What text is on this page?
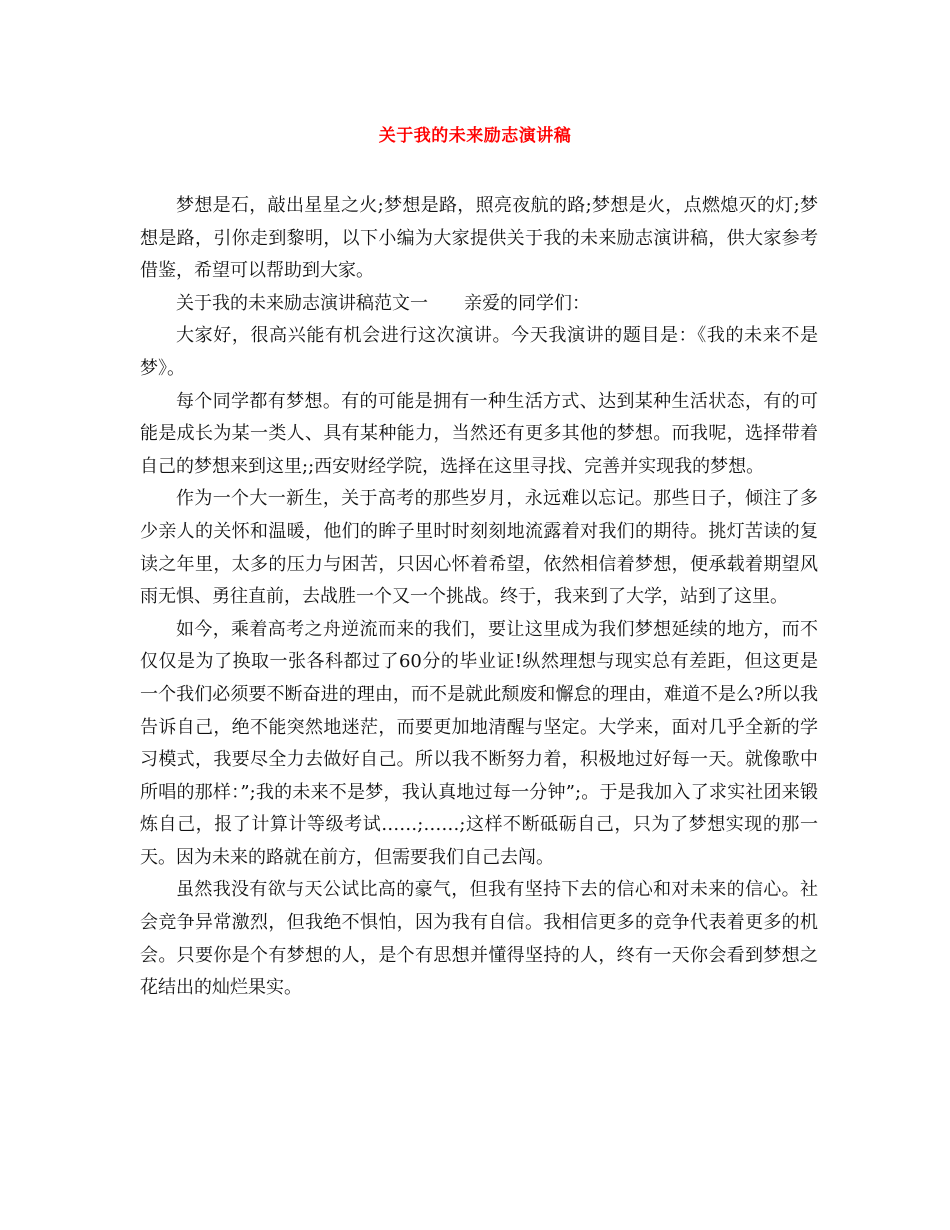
关于我的未来励志演讲稿

梦想是石，敲出星星之火;梦想是路，照亮夜航的路;梦想是火，点燃熄灭的灯;梦想是路，引你走到黎明，以下小编为大家提供关于我的未来励志演讲稿，供大家参考借鉴，希望可以帮助到大家。

关于我的未来励志演讲稿范文一　　亲爱的同学们：

大家好，很高兴能有机会进行这次演讲。今天我演讲的题目是：《我的未来不是梦》。

每个同学都有梦想。有的可能是拥有一种生活方式、达到某种生活状态，有的可能是成长为某一类人、具有某种能力，当然还有更多其他的梦想。而我呢，选择带着自己的梦想来到这里;;西安财经学院，选择在这里寻找、完善并实现我的梦想。

作为一个大一新生，关于高考的那些岁月，永远难以忘记。那些日子，倾注了多少亲人的关怀和温暖，他们的眸子里时时刻刻地流露着对我们的期待。挑灯苦读的复读之年里，太多的压力与困苦，只因心怀着希望，依然相信着梦想，便承载着期望风雨无惧、勇往直前，去战胜一个又一个挑战。终于，我来到了大学，站到了这里。

如今，乘着高考之舟逆流而来的我们，要让这里成为我们梦想延续的地方，而不仅仅是为了换取一张各科都过了60分的毕业证!纵然理想与现实总有差距，但这更是一个我们必须要不断奋进的理由，而不是就此颓废和懈怠的理由，难道不是么?所以我告诉自己，绝不能突然地迷茫，而要更加地清醒与坚定。大学来，面对几乎全新的学习模式，我要尽全力去做好自己。所以我不断努力着，积极地过好每一天。就像歌中所唱的那样：”;我的未来不是梦，我认真地过每一分钟”;。于是我加入了求实社团来锻炼自己，报了计算计等级考试……;……;这样不断砥砺自己，只为了梦想实现的那一天。因为未来的路就在前方，但需要我们自己去闯。

虽然我没有欲与天公试比高的豪气，但我有坚持下去的信心和对未来的信心。社会竞争异常激烈，但我绝不惧怕，因为我有自信。我相信更多的竞争代表着更多的机会。只要你是个有梦想的人，是个有思想并懂得坚持的人，终有一天你会看到梦想之花结出的灿烂果实。
